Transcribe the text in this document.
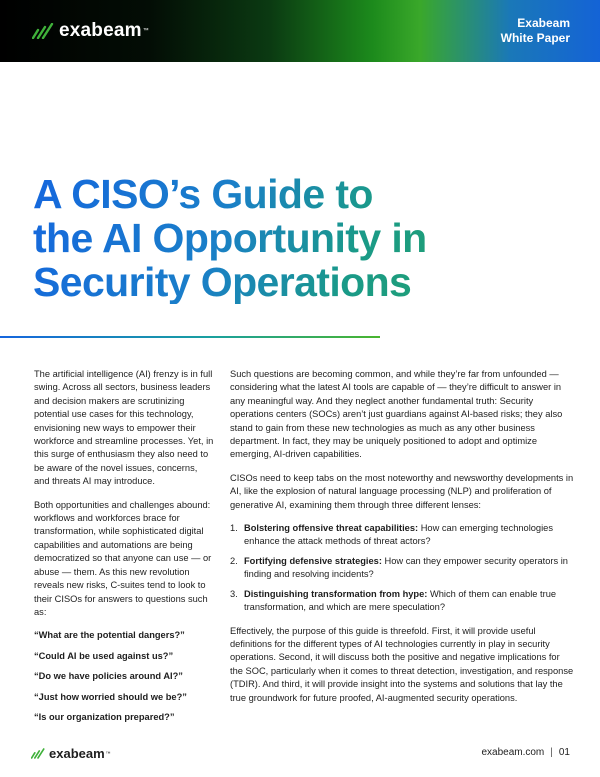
exabeam ™
Exabeam
White Paper
A CISO’s Guide to
the AI Opportunity in
Security Operations

The artificial intelligence (AI) frenzy is in full swing. Across all sectors, business leaders and decision makers are scrutinizing potential use cases for this technology, envisioning new ways to empower their workforce and streamline processes. Yet, in this surge of enthusiasm they also need to be aware of the novel issues, concerns, and threats AI may introduce.

Both opportunities and challenges abound: workflows and workforces brace for transformation, while sophisticated digital capabilities and automations are being democratized so that anyone can use — or abuse — them. As this new revolution reveals new risks, C-suites tend to look to their CISOs for answers to questions such as:

“What are the potential dangers?”
“Could AI be used against us?”
“Do we have policies around AI?”
“Just how worried should we be?”
“Is our organization prepared?”

Such questions are becoming common, and while they’re far from unfounded — considering what the latest AI tools are capable of — they’re difficult to answer in any meaningful way. And they neglect another fundamental truth: Security operations centers (SOCs) aren’t just guardians against AI-based risks; they also stand to gain from these new technologies as much as any other business department. In fact, they may be uniquely positioned to adopt and optimize emerging, AI-driven capabilities.

CISOs need to keep tabs on the most noteworthy and newsworthy developments in AI, like the explosion of natural language processing (NLP) and proliferation of generative AI, examining them through three different lenses:

1. Bolstering offensive threat capabilities: How can emerging technologies enhance the attack methods of threat actors?
2. Fortifying defensive strategies: How can they empower security operators in finding and resolving incidents?
3. Distinguishing transformation from hype: Which of them can enable true transformation, and which are mere speculation?

Effectively, the purpose of this guide is threefold. First, it will provide useful definitions for the different types of AI technologies currently in play in security operations. Second, it will discuss both the positive and negative implications for the SOC, particularly when it comes to threat detection, investigation, and response (TDIR). And third, it will provide insight into the systems and solutions that lay the true groundwork for future proofed, AI-augmented security operations.

exabeam ™	exabeam.com | 01
